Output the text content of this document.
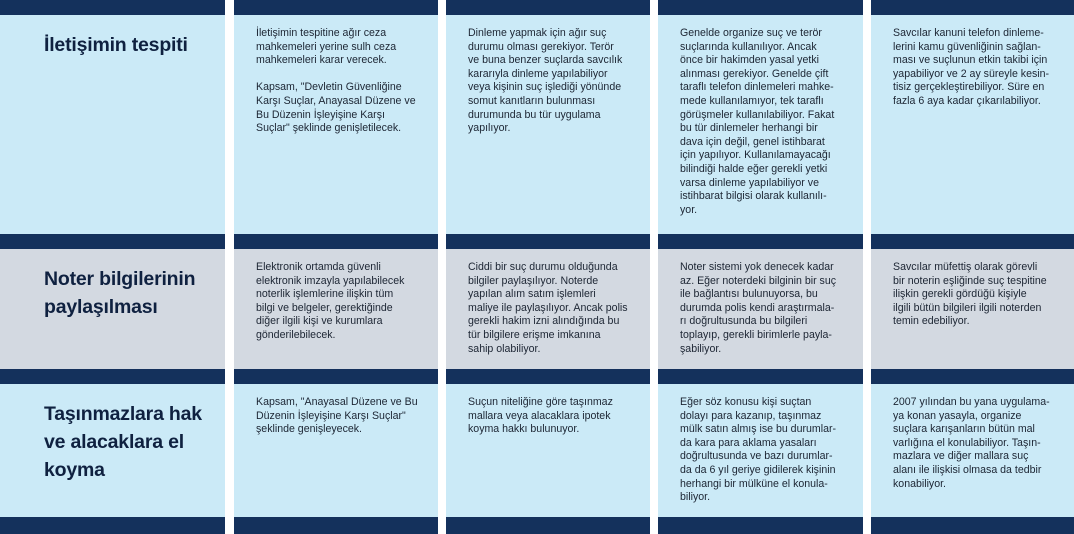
İletişimin tespiti
Noter bilgilerinin
paylaşılması
Taşınmazlara hak
ve alacaklara el
koyma
İletişimin tespitine ağır ceza
mahkemeleri yerine sulh ceza
mahkemeleri karar verecek.

Kapsam, "Devletin Güvenliğine
Karşı Suçlar, Anayasal Düzene ve
Bu Düzenin İşleyişine Karşı
Suçlar" şeklinde genişletilecek.
Elektronik ortamda güvenli
elektronik imzayla yapılabilecek
noterlik işlemlerine ilişkin tüm
bilgi ve belgeler, gerektiğinde
diğer ilgili kişi ve kurumlara
gönderilebilecek.
Kapsam, "Anayasal Düzene ve Bu
Düzenin İşleyişine Karşı Suçlar"
şeklinde genişleyecek.
Dinleme yapmak için ağır suç
durumu olması gerekiyor. Terör
ve buna benzer suçlarda savcılık
kararıyla dinleme yapılabiliyor
veya kişinin suç işlediği yönünde
somut kanıtların bulunması
durumunda bu tür uygulama
yapılıyor.
Ciddi bir suç durumu olduğunda
bilgiler paylaşılıyor. Noterde
yapılan alım satım işlemleri
maliye ile paylaşılıyor. Ancak polis
gerekli hakim izni alındığında bu
tür bilgilere erişme imkanına
sahip olabiliyor.
Suçun niteliğine göre taşınmaz
mallara veya alacaklara ipotek
koyma hakkı bulunuyor.
Genelde organize suç ve terör
suçlarında kullanılıyor. Ancak
önce bir hakimden yasal yetki
alınması gerekiyor. Genelde çift
taraflı telefon dinlemeleri mahke-
mede kullanılamıyor, tek taraflı
görüşmeler kullanılabiliyor. Fakat
bu tür dinlemeler herhangi bir
dava için değil, genel istihbarat
için yapılıyor. Kullanılamayacağı
bilindiği halde eğer gerekli yetki
varsa dinleme yapılabiliyor ve
istihbarat bilgisi olarak kullanılı-
yor.
Noter sistemi yok denecek kadar
az. Eğer noterdeki bilginin bir suç
ile bağlantısı bulunuyorsa, bu
durumda polis kendi araştırmala-
rı doğrultusunda bu bilgileri
toplayıp, gerekli birimlerle payla-
şabiliyor.
Eğer söz konusu kişi suçtan
dolayı para kazanıp, taşınmaz
mülk satın almış ise bu durumlar-
da kara para aklama yasaları
doğrultusunda ve bazı durumlar-
da da 6 yıl geriye gidilerek kişinin
herhangi bir mülküne el konula-
biliyor.
Savcılar kanuni telefon dinleme-
lerini kamu güvenliğinin sağlan-
ması ve suçlunun etkin takibi için
yapabiliyor ve 2 ay süreyle kesin-
tisiz gerçekleştirebiliyor. Süre en
fazla 6 aya kadar çıkarılabiliyor.
Savcılar müfettiş olarak görevli
bir noterin eşliğinde suç tespitine
ilişkin gerekli gördüğü kişiyle
ilgili bütün bilgileri ilgili noterden
temin edebiliyor.
2007 yılından bu yana uygulama-
ya konan yasayla, organize
suçlara karışanların bütün mal
varlığına el konulabiliyor. Taşın-
mazlara ve diğer mallara suç
alanı ile ilişkisi olmasa da tedbir
konabiliyor.
